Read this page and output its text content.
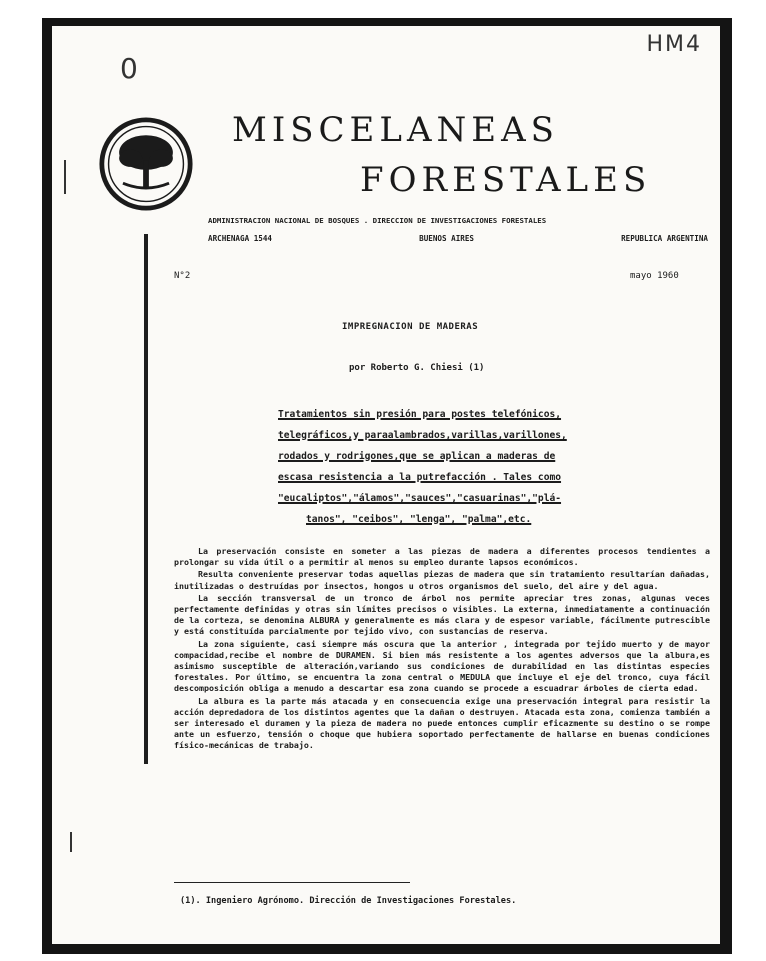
HM4
0
MISCELANEAS
FORESTALES
ADMINISTRACION NACIONAL DE BOSQUES . DIRECCION DE INVESTIGACIONES FORESTALES
ARCHENAGA 1544	BUENOS AIRES	REPUBLICA ARGENTINA
N°2	mayo 1960
IMPREGNACION DE MADERAS
por Roberto G. Chiesi (1)
Tratamientos sin presión para postes telefónicos,
telegráficos,y paraalambrados,varillas,varillones,
rodados y rodrigones,que se aplican a maderas de
escasa resistencia a la putrefacción . Tales como
"eucaliptos","álamos","sauces","casuarinas","plá-
tanos", "ceibos", "lenga", "palma",etc.

La preservación consiste en someter a las piezas de madera a diferentes procesos tendientes a prolongar su vida útil o a permitir al menos su empleo durante lapsos económicos.

Resulta conveniente preservar todas aquellas piezas de madera que sin tratamiento resultarían dañadas, inutilizadas o destruídas por insectos, hongos u otros organismos del suelo, del aire y del agua.

La sección transversal de un tronco de árbol nos permite apreciar tres zonas, algunas veces perfectamente definidas y otras sin límites precisos o visibles. La externa, inmediatamente a continuación de la corteza, se denomina ALBURA y generalmente es más clara y de espesor variable, fácilmente putrescible y está constituída parcialmente por tejido vivo, con sustancias de reserva.

La zona siguiente, casi siempre más oscura que la anterior , integrada por tejido muerto y de mayor compacidad,recibe el nombre de DURAMEN. Si bien más resistente a los agentes adversos que la albura,es asimismo susceptible de alteración,variando sus condiciones de durabilidad en las distintas especies forestales. Por último, se encuentra la zona central o MEDULA que incluye el eje del tronco, cuya fácil descomposición obliga a menudo a descartar esa zona cuando se procede a escuadrar árboles de cierta edad.

La albura es la parte más atacada y en consecuencia exige una preservación integral para resistir la acción depredadora de los distintos agentes que la dañan o destruyen. Atacada esta zona, comienza también a ser interesado el duramen y la pieza de madera no puede entonces cumplir eficazmente su destino o se rompe ante un esfuerzo, tensión o choque que hubiera soportado perfectamente de hallarse en buenas condiciones físico-mecánicas de trabajo.

(1). Ingeniero Agrónomo. Dirección de Investigaciones Forestales.
